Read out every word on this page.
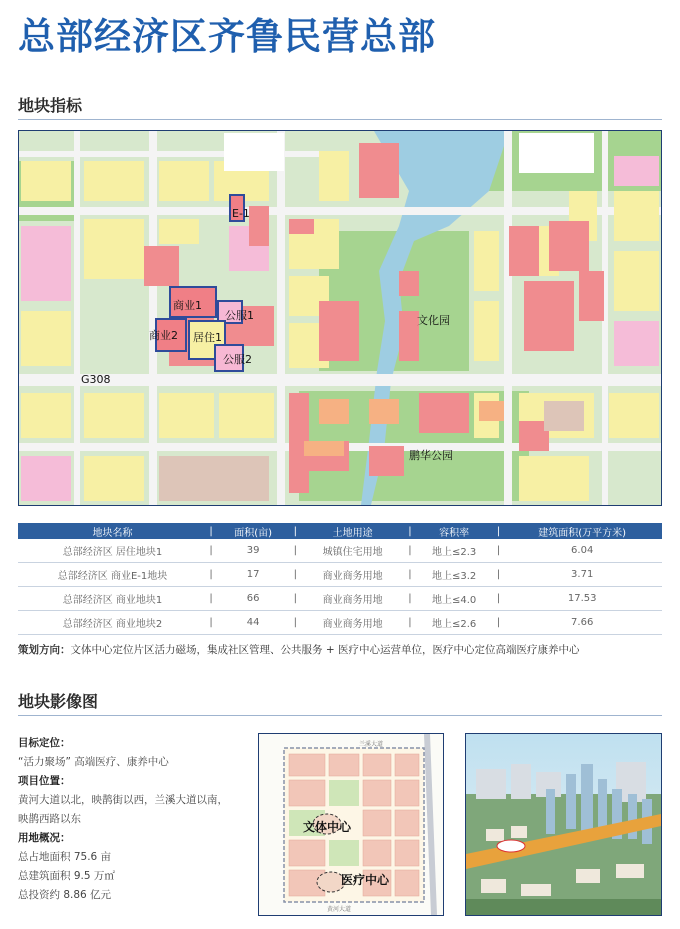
总部经济区齐鲁民营总部
地块指标
E-1
商业1
公服1
商业2 居住1
公服2
G308
文化园
鹏华公园
地块名称	|	面积(亩)	|	土地用途	|	容积率	|	建筑面积(万平方米)
总部经济区 居住地块1	|	39	|	城镇住宅用地	|	地上≤2.3	|	6.04
总部经济区 商业E-1地块	|	17	|	商业商务用地	|	地上≤3.2	|	3.71
总部经济区 商业地块1	|	66	|	商业商务用地	|	地上≤4.0	|	17.53
总部经济区 商业地块2	|	44	|	商业商务用地	|	地上≤2.6	|	7.66
策划方向：文体中心定位片区活力磁场，集成社区管理、公共服务 + 医疗中心运营单位，医疗中心定位高端医疗康养中心
地块影像图
目标定位：
“活力聚场” 高端医疗、康养中心
项目位置：
黄河大道以北，映鹊街以西，兰溪大道以南，
映鹊西路以东
用地概况：
总占地面积 75.6 亩
总建筑面积 9.5 万㎡
总投资约 8.86 亿元
文体中心
医疗中心
兰溪大道
黄河大道
